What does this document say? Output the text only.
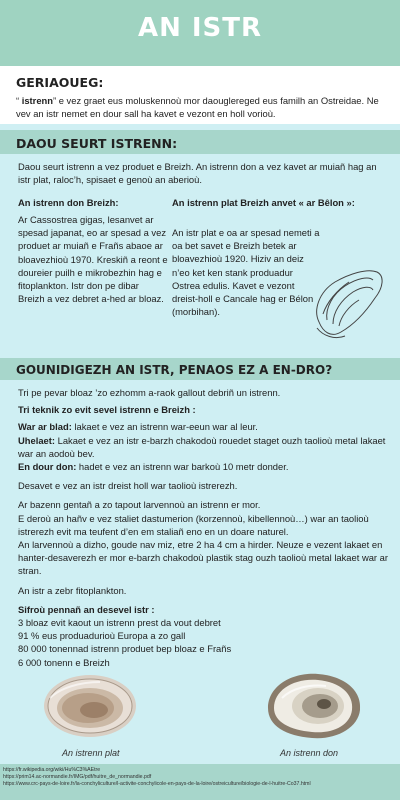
AN ISTR
GERIAOUEG:
“ istrenn” e vez graet eus moluskennoù mor daouglereged eus familh an Ostreidae. Ne vev an istr nemet en dour sall ha kavet e vezont en holl vorioù.
DAOU SEURT ISTRENN:
Daou seurt istrenn a vez produet e Breizh. An istrenn don a vez kavet ar muiañ hag an istr plat, raloc’h, spisaet e genoù an aberioù.
An istrenn don Breizh:
Ar Cassostrea gigas, lesanvet ar spesad japanat, eo ar spesad a vez produet ar muiañ e Frañs abaoe ar bloavezhioù 1970. Kreskiñ a reont e doureier puilh e mikrobezhin hag e fitoplankton. Istr don pe dibar Breizh a vez debret a-hed ar bloaz.
An istrenn plat Breizh anvet « ar Bêlon »:
An istr plat e oa ar spesad nemeti a oa bet savet e Breizh betek ar bloavezhioù 1920. Hiziv an deiz n’eo ket ken stank produadur Ostrea edulis. Kavet e vezont dreist-holl e Cancale hag er Bélon (morbihan).
GOUNIDIGEZH AN ISTR, PENAOS EZ A EN-DRO?
Tri pe pevar bloaz ’zo ezhomm a-raok gallout debriñ un istrenn.
Tri teknik zo evit sevel istrenn e Breizh :
War ar blad: lakaet e vez an istrenn war-eeun war al leur.
Uhelaet: Lakaet e vez an istr e-barzh chakodoù rouedet staget ouzh taolioù metal lakaet war an aodoù bev.
En dour don: hadet e vez an istrenn war barkoù 10 metr donder.
Desavet e vez an istr dreist holl war taolioù istrerezh.
Ar bazenn gentañ a zo tapout larvennoù an istrenn er mor.
E deroù an hañv e vez staliet dastumerion (korzennoù, kibellennoù…) war an taolioù istrerezh evit ma teufent d’en em staliañ eno en un doare naturel.
An larvennoù a dizho, goude nav miz, etre 2 ha 4 cm a hirder. Neuze e vezent lakaet en hanter-desaverezh er mor e-barzh chakodoù plastik stag ouzh taolioù metal lakaet war ar stran.
An istr a zebr fitoplankton.
Sifroù pennañ an desevel istr :
3 bloaz evit kaout un istrenn prest da vout debret
91 % eus produadurioù Europa a zo gall
80 000 tonennad istrenn produet bep bloaz e Frañs
6 000 tonenn e Breizh
An istrenn plat	An istrenn don
https://fr.wikipedia.org/wiki/Hu%C3%AEtre
https://prim14.ac-normandie.fr/IMG/pdf/huitre_de_normandie.pdf
https://www.crc-pays-de-loire.fr/la-conchyliculture/l-activite-conchylicole-en-pays-de-la-loire/ostreiculture/biologie-de-l-huitre-Co37.html
